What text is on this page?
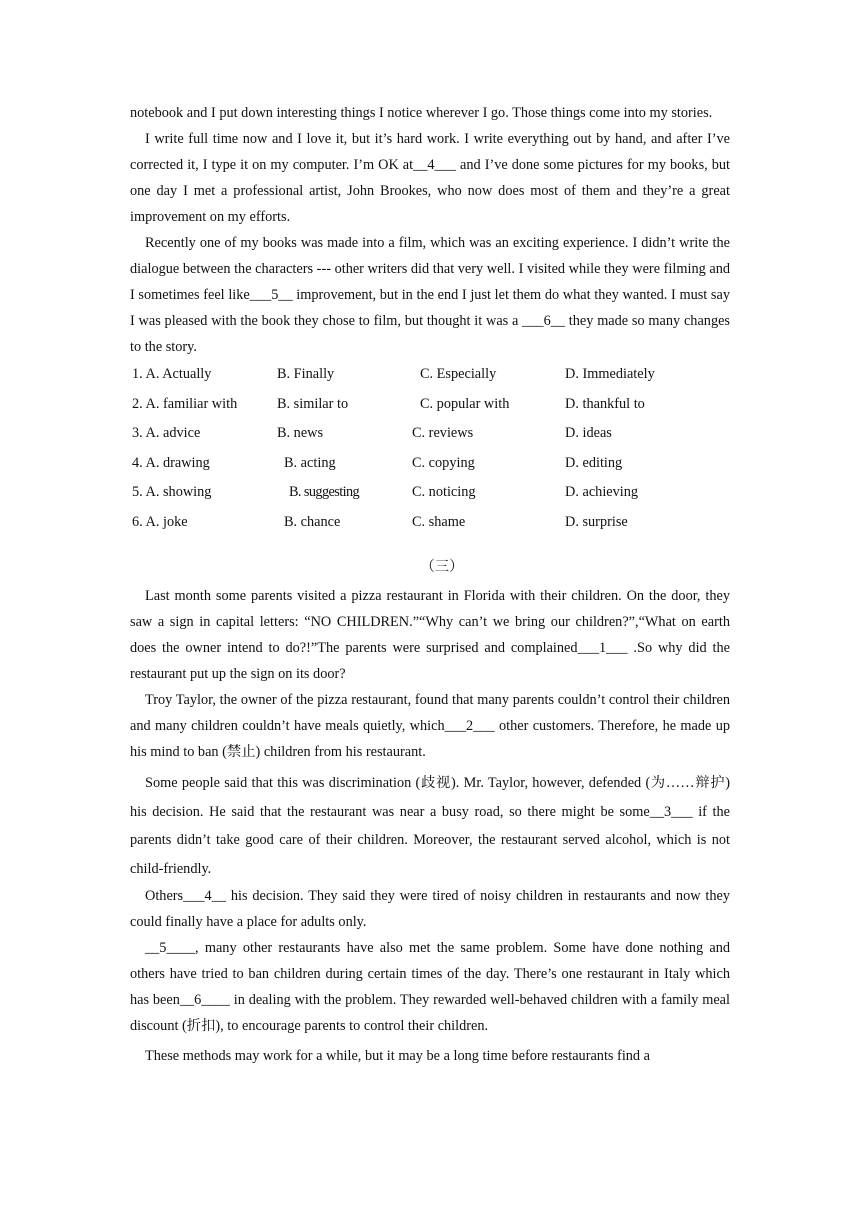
notebook and I put down interesting things I notice wherever I go. Those things come into my stories.

I write full time now and I love it, but it’s hard work. I write everything out by hand, and after I’ve corrected it, I type it on my computer. I’m OK at__4___ and I’ve done some pictures for my books, but one day I met a professional artist, John Brookes, who now does most of them and they’re a great improvement on my efforts.

Recently one of my books was made into a film, which was an exciting experience. I didn’t write the dialogue between the characters --- other writers did that very well. I visited while they were filming and I sometimes feel like___5__ improvement, but in the end I just let them do what they wanted. I must say I was pleased with the book they chose to film, but thought it was a ___6__ they made so many changes to the story.

1. A. Actually	B. Finally	C. Especially	D. Immediately
2. A. familiar with	B. similar to	C. popular with	D. thankful to
3. A. advice	B. news	C. reviews	D. ideas
4. A. drawing	B. acting	C. copying	D. editing
5. A. showing	B. suggesting	C. noticing	D. achieving
6. A. joke	B. chance	C. shame	D. surprise
（三）

Last month some parents visited a pizza restaurant in Florida with their children. On the door, they saw a sign in capital letters: “NO CHILDREN.”“Why can’t we bring our children?”,“What on earth does the owner intend to do?!”The parents were surprised and complained___1___ .So why did the restaurant put up the sign on its door?

Troy Taylor, the owner of the pizza restaurant, found that many parents couldn’t control their children and many children couldn’t have meals quietly, which___2___ other customers. Therefore, he made up his mind to ban (禁止) children from his restaurant.

Some people said that this was discrimination (歧视). Mr. Taylor, however, defended (为……辩护) his decision. He said that the restaurant was near a busy road, so there might be some__3___ if the parents didn’t take good care of their children. Moreover, the restaurant served alcohol, which is not child-friendly.

Others___4__ his decision. They said they were tired of noisy children in restaurants and now they could finally have a place for adults only.

__5____, many other restaurants have also met the same problem. Some have done nothing and others have tried to ban children during certain times of the day. There’s one restaurant in Italy which has been__6____ in dealing with the problem. They rewarded well-behaved children with a family meal discount (折扣), to encourage parents to control their children.

These methods may work for a while, but it may be a long time before restaurants find a
